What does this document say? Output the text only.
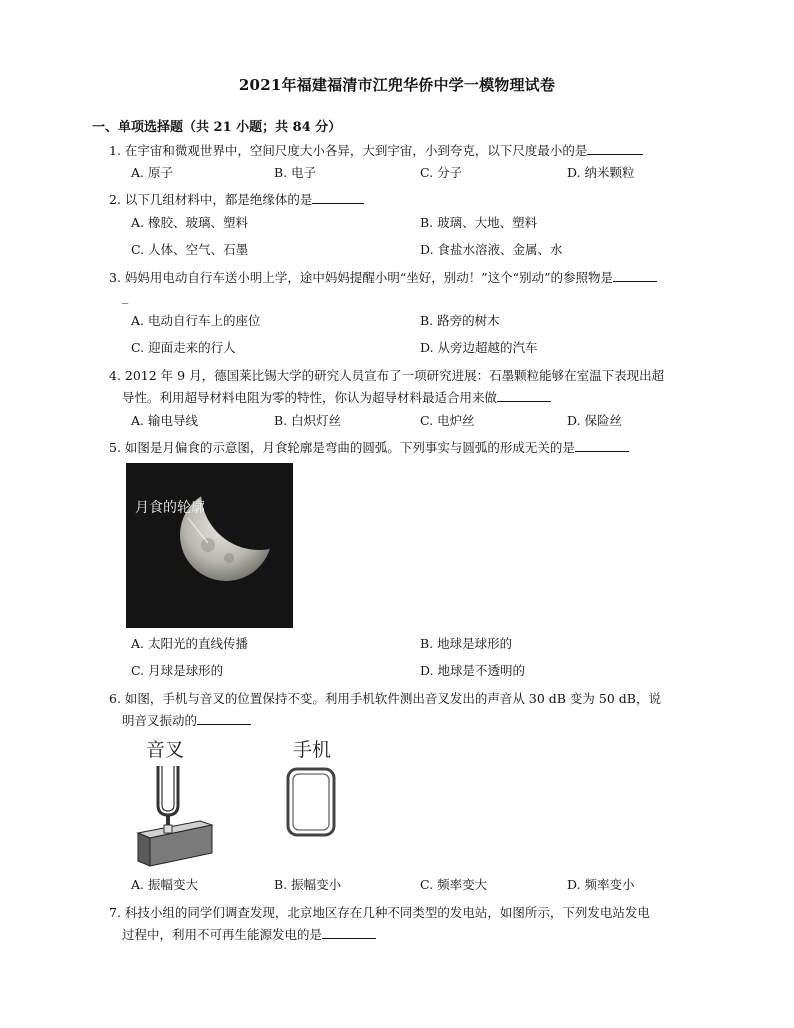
2021年福建福清市江兜华侨中学一模物理试卷
一、单项选择题（共 21 小题；共 84 分）
1. 在宇宙和微观世界中，空间尺度大小各异，大到宇宙，小到夸克，以下尺度最小的是
A. 原子	B. 电子	C. 分子	D. 纳米颗粒
2. 以下几组材料中，都是绝缘体的是
A. 橡胶、玻璃、塑料	B. 玻璃、大地、塑料
C. 人体、空气、石墨	D. 食盐水溶液、金属、水
3. 妈妈用电动自行车送小明上学，途中妈妈提醒小明“坐好，别动！”这个“别动”的参照物是
_
A. 电动自行车上的座位	B. 路旁的树木
C. 迎面走来的行人	D. 从旁边超越的汽车
4. 2012 年 9 月，德国莱比锡大学的研究人员宣布了一项研究进展：石墨颗粒能够在室温下表现出超
导性。利用超导材料电阻为零的特性，你认为超导材料最适合用来做
A. 输电导线	B. 白炽灯丝	C. 电炉丝	D. 保险丝
5. 如图是月偏食的示意图，月食轮廓是弯曲的圆弧。下列事实与圆弧的形成无关的是
月食的轮廓
A. 太阳光的直线传播	B. 地球是球形的
C. 月球是球形的	D. 地球是不透明的
6. 如图，手机与音叉的位置保持不变。利用手机软件测出音叉发出的声音从 30 dB 变为 50 dB，说
明音叉振动的
音叉	手机
A. 振幅变大	B. 振幅变小	C. 频率变大	D. 频率变小
7. 科技小组的同学们调查发现，北京地区存在几种不同类型的发电站，如图所示，下列发电站发电
过程中，利用不可再生能源发电的是
